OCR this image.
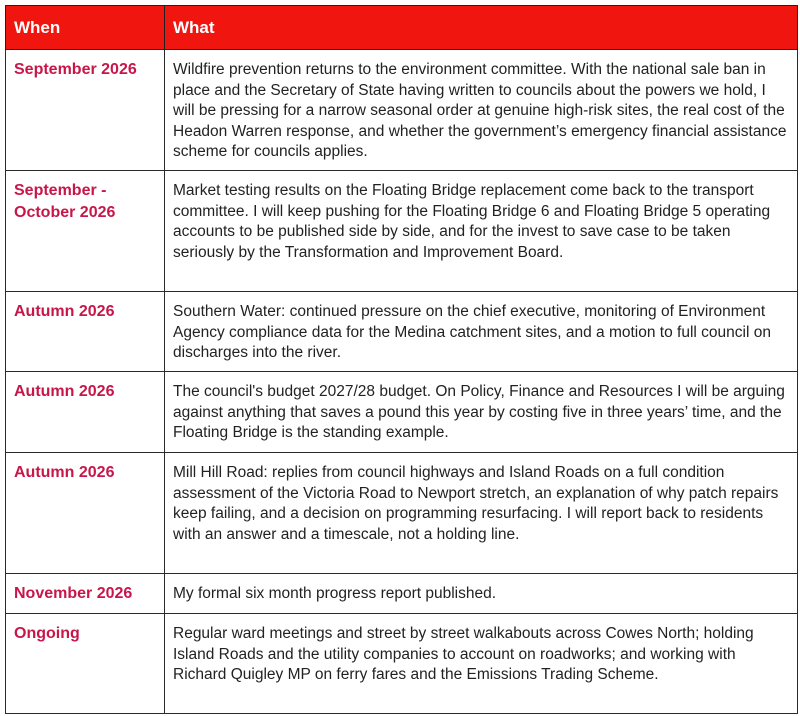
When	What
September 2026	Wildfire prevention returns to the environment committee. With the national sale ban in place and the Secretary of State having written to councils about the powers we hold, I will be pressing for a narrow seasonal order at genuine high-risk sites, the real cost of the Headon Warren response, and whether the government’s emergency financial assistance scheme for councils applies.
September - October 2026	Market testing results on the Floating Bridge replacement come back to the transport committee. I will keep pushing for the Floating Bridge 6 and Floating Bridge 5 operating accounts to be published side by side, and for the invest to save case to be taken seriously by the Transformation and Improvement Board.
Autumn 2026	Southern Water: continued pressure on the chief executive, monitoring of Environment Agency compliance data for the Medina catchment sites, and a motion to full council on discharges into the river.
Autumn 2026	The council's budget 2027/28 budget. On Policy, Finance and Resources I will be arguing against anything that saves a pound this year by costing five in three years’ time, and the Floating Bridge is the standing example.
Autumn 2026	Mill Hill Road: replies from council highways and Island Roads on a full condition assessment of the Victoria Road to Newport stretch, an explanation of why patch repairs keep failing, and a decision on programming resurfacing. I will report back to residents with an answer and a timescale, not a holding line.
November 2026	My formal six month progress report published.
Ongoing	Regular ward meetings and street by street walkabouts across Cowes North; holding Island Roads and the utility companies to account on roadworks; and working with Richard Quigley MP on ferry fares and the Emissions Trading Scheme.
